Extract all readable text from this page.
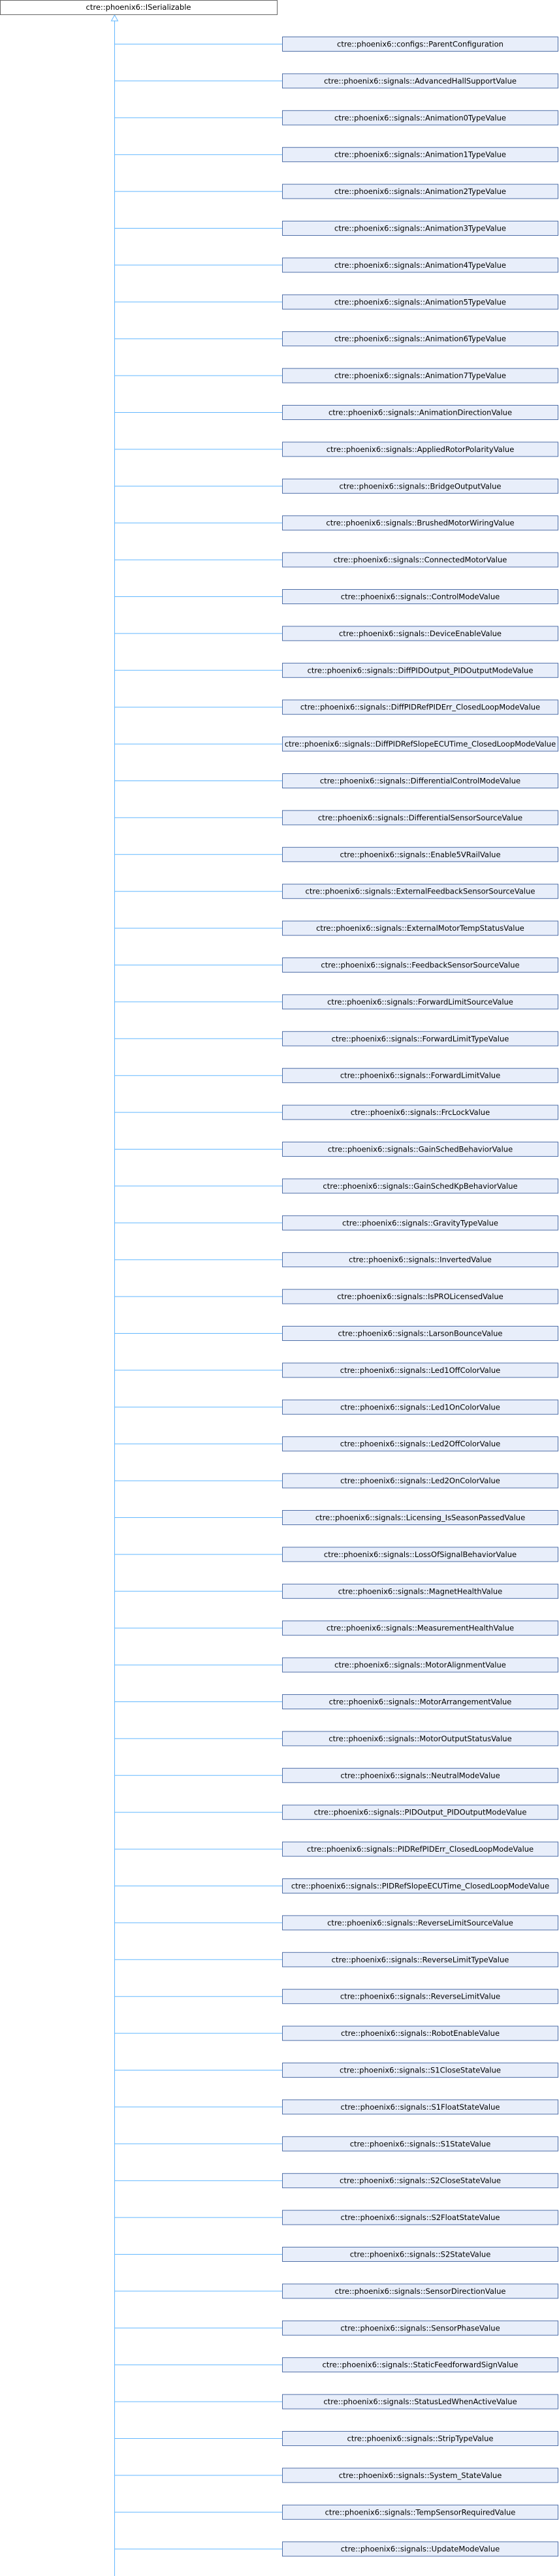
ctre::phoenix6::ISerializable
ctre::phoenix6::configs::ParentConfiguration
ctre::phoenix6::signals::AdvancedHallSupportValue
ctre::phoenix6::signals::Animation0TypeValue
ctre::phoenix6::signals::Animation1TypeValue
ctre::phoenix6::signals::Animation2TypeValue
ctre::phoenix6::signals::Animation3TypeValue
ctre::phoenix6::signals::Animation4TypeValue
ctre::phoenix6::signals::Animation5TypeValue
ctre::phoenix6::signals::Animation6TypeValue
ctre::phoenix6::signals::Animation7TypeValue
ctre::phoenix6::signals::AnimationDirectionValue
ctre::phoenix6::signals::AppliedRotorPolarityValue
ctre::phoenix6::signals::BridgeOutputValue
ctre::phoenix6::signals::BrushedMotorWiringValue
ctre::phoenix6::signals::ConnectedMotorValue
ctre::phoenix6::signals::ControlModeValue
ctre::phoenix6::signals::DeviceEnableValue
ctre::phoenix6::signals::DiffPIDOutput_PIDOutputModeValue
ctre::phoenix6::signals::DiffPIDRefPIDErr_ClosedLoopModeValue
ctre::phoenix6::signals::DiffPIDRefSlopeECUTime_ClosedLoopModeValue
ctre::phoenix6::signals::DifferentialControlModeValue
ctre::phoenix6::signals::DifferentialSensorSourceValue
ctre::phoenix6::signals::Enable5VRailValue
ctre::phoenix6::signals::ExternalFeedbackSensorSourceValue
ctre::phoenix6::signals::ExternalMotorTempStatusValue
ctre::phoenix6::signals::FeedbackSensorSourceValue
ctre::phoenix6::signals::ForwardLimitSourceValue
ctre::phoenix6::signals::ForwardLimitTypeValue
ctre::phoenix6::signals::ForwardLimitValue
ctre::phoenix6::signals::FrcLockValue
ctre::phoenix6::signals::GainSchedBehaviorValue
ctre::phoenix6::signals::GainSchedKpBehaviorValue
ctre::phoenix6::signals::GravityTypeValue
ctre::phoenix6::signals::InvertedValue
ctre::phoenix6::signals::IsPROLicensedValue
ctre::phoenix6::signals::LarsonBounceValue
ctre::phoenix6::signals::Led1OffColorValue
ctre::phoenix6::signals::Led1OnColorValue
ctre::phoenix6::signals::Led2OffColorValue
ctre::phoenix6::signals::Led2OnColorValue
ctre::phoenix6::signals::Licensing_IsSeasonPassedValue
ctre::phoenix6::signals::LossOfSignalBehaviorValue
ctre::phoenix6::signals::MagnetHealthValue
ctre::phoenix6::signals::MeasurementHealthValue
ctre::phoenix6::signals::MotorAlignmentValue
ctre::phoenix6::signals::MotorArrangementValue
ctre::phoenix6::signals::MotorOutputStatusValue
ctre::phoenix6::signals::NeutralModeValue
ctre::phoenix6::signals::PIDOutput_PIDOutputModeValue
ctre::phoenix6::signals::PIDRefPIDErr_ClosedLoopModeValue
ctre::phoenix6::signals::PIDRefSlopeECUTime_ClosedLoopModeValue
ctre::phoenix6::signals::ReverseLimitSourceValue
ctre::phoenix6::signals::ReverseLimitTypeValue
ctre::phoenix6::signals::ReverseLimitValue
ctre::phoenix6::signals::RobotEnableValue
ctre::phoenix6::signals::S1CloseStateValue
ctre::phoenix6::signals::S1FloatStateValue
ctre::phoenix6::signals::S1StateValue
ctre::phoenix6::signals::S2CloseStateValue
ctre::phoenix6::signals::S2FloatStateValue
ctre::phoenix6::signals::S2StateValue
ctre::phoenix6::signals::SensorDirectionValue
ctre::phoenix6::signals::SensorPhaseValue
ctre::phoenix6::signals::StaticFeedforwardSignValue
ctre::phoenix6::signals::StatusLedWhenActiveValue
ctre::phoenix6::signals::StripTypeValue
ctre::phoenix6::signals::System_StateValue
ctre::phoenix6::signals::TempSensorRequiredValue
ctre::phoenix6::signals::UpdateModeValue
